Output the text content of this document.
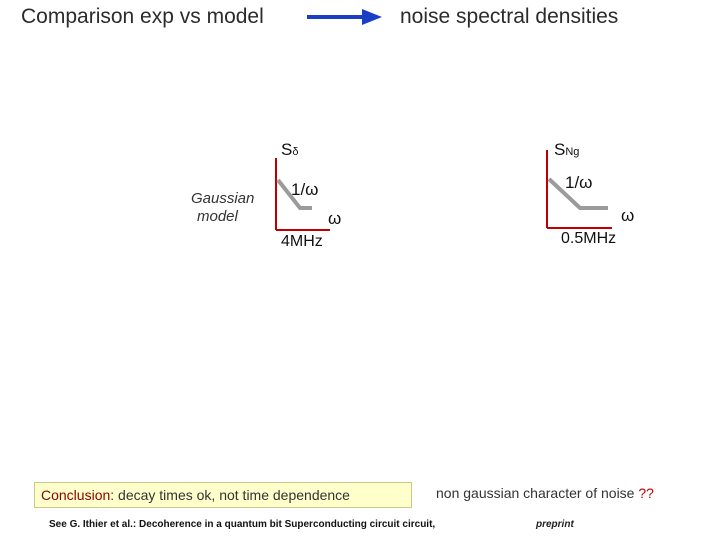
Comparison exp vs model	noise spectral densities
Sδ
1/ω
ω
4MHz
SNg
1/ω
ω
0.5MHz
Gaussian
model
Conclusion: decay times ok, not time dependence	non gaussian character of noise ??
See G. Ithier et al.: Decoherence in a quantum bit Superconducting circuit circuit,	preprint
